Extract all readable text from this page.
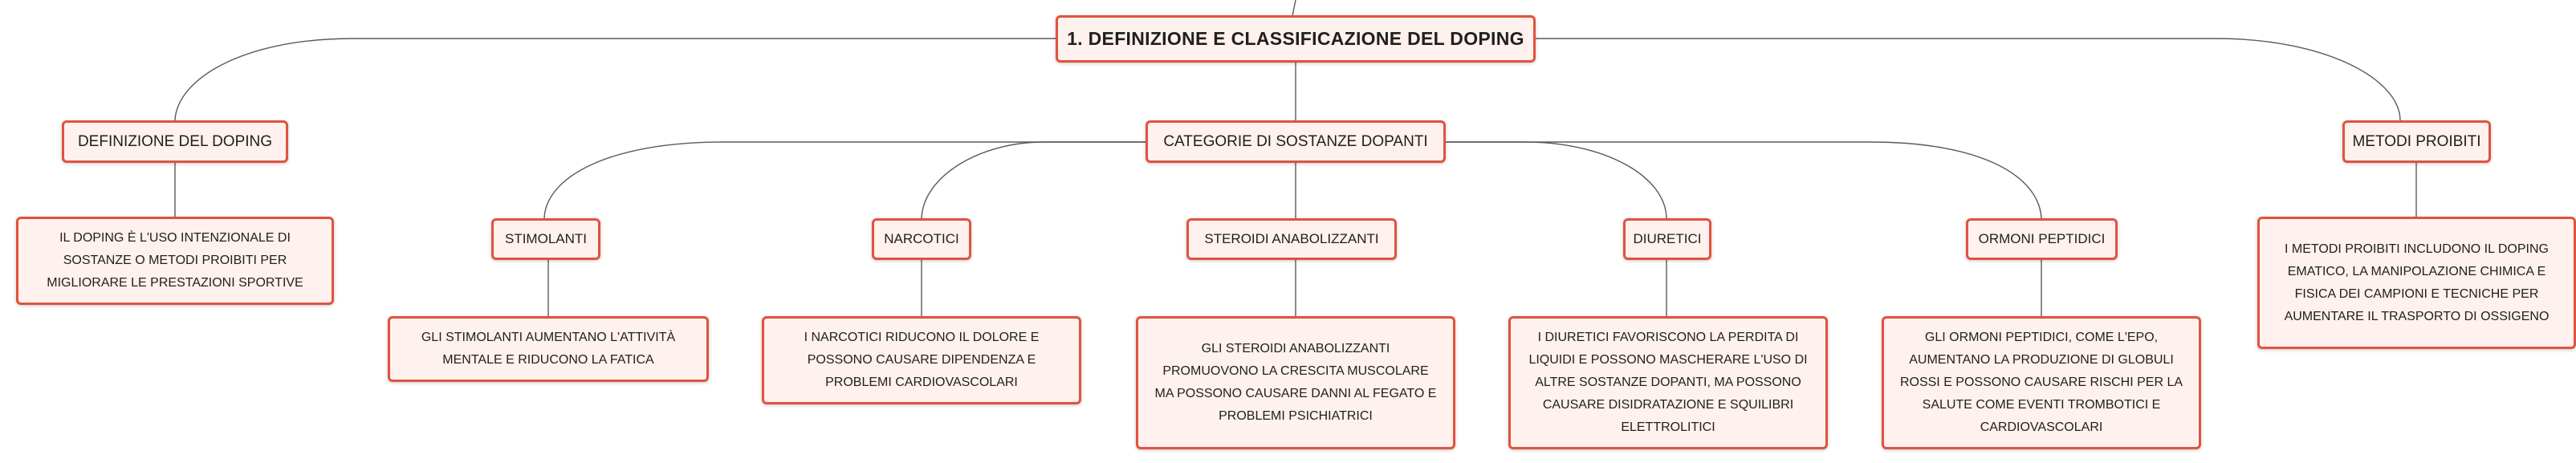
1. DEFINIZIONE E CLASSIFICAZIONE DEL DOPING
DEFINIZIONE DEL DOPING	CATEGORIE DI SOSTANZE DOPANTI	METODI PROIBITI
STIMOLANTI	NARCOTICI	STEROIDI ANABOLIZZANTI	DIURETICI	ORMONI PEPTIDICI
IL DOPING È L'USO INTENZIONALE DI
SOSTANZE O METODI PROIBITI PER
MIGLIORARE LE PRESTAZIONI SPORTIVE
GLI STIMOLANTI AUMENTANO L'ATTIVITÀ
MENTALE E RIDUCONO LA FATICA
I NARCOTICI RIDUCONO IL DOLORE E
POSSONO CAUSARE DIPENDENZA E
PROBLEMI CARDIOVASCOLARI
GLI STEROIDI ANABOLIZZANTI
PROMUOVONO LA CRESCITA MUSCOLARE
MA POSSONO CAUSARE DANNI AL FEGATO E
PROBLEMI PSICHIATRICI
I DIURETICI FAVORISCONO LA PERDITA DI
LIQUIDI E POSSONO MASCHERARE L'USO DI
ALTRE SOSTANZE DOPANTI, MA POSSONO
CAUSARE DISIDRATAZIONE E SQUILIBRI
ELETTROLITICI
GLI ORMONI PEPTIDICI, COME L'EPO,
AUMENTANO LA PRODUZIONE DI GLOBULI
ROSSI E POSSONO CAUSARE RISCHI PER LA
SALUTE COME EVENTI TROMBOTICI E
CARDIOVASCOLARI
I METODI PROIBITI INCLUDONO IL DOPING
EMATICO, LA MANIPOLAZIONE CHIMICA E
FISICA DEI CAMPIONI E TECNICHE PER
AUMENTARE IL TRASPORTO DI OSSIGENO
